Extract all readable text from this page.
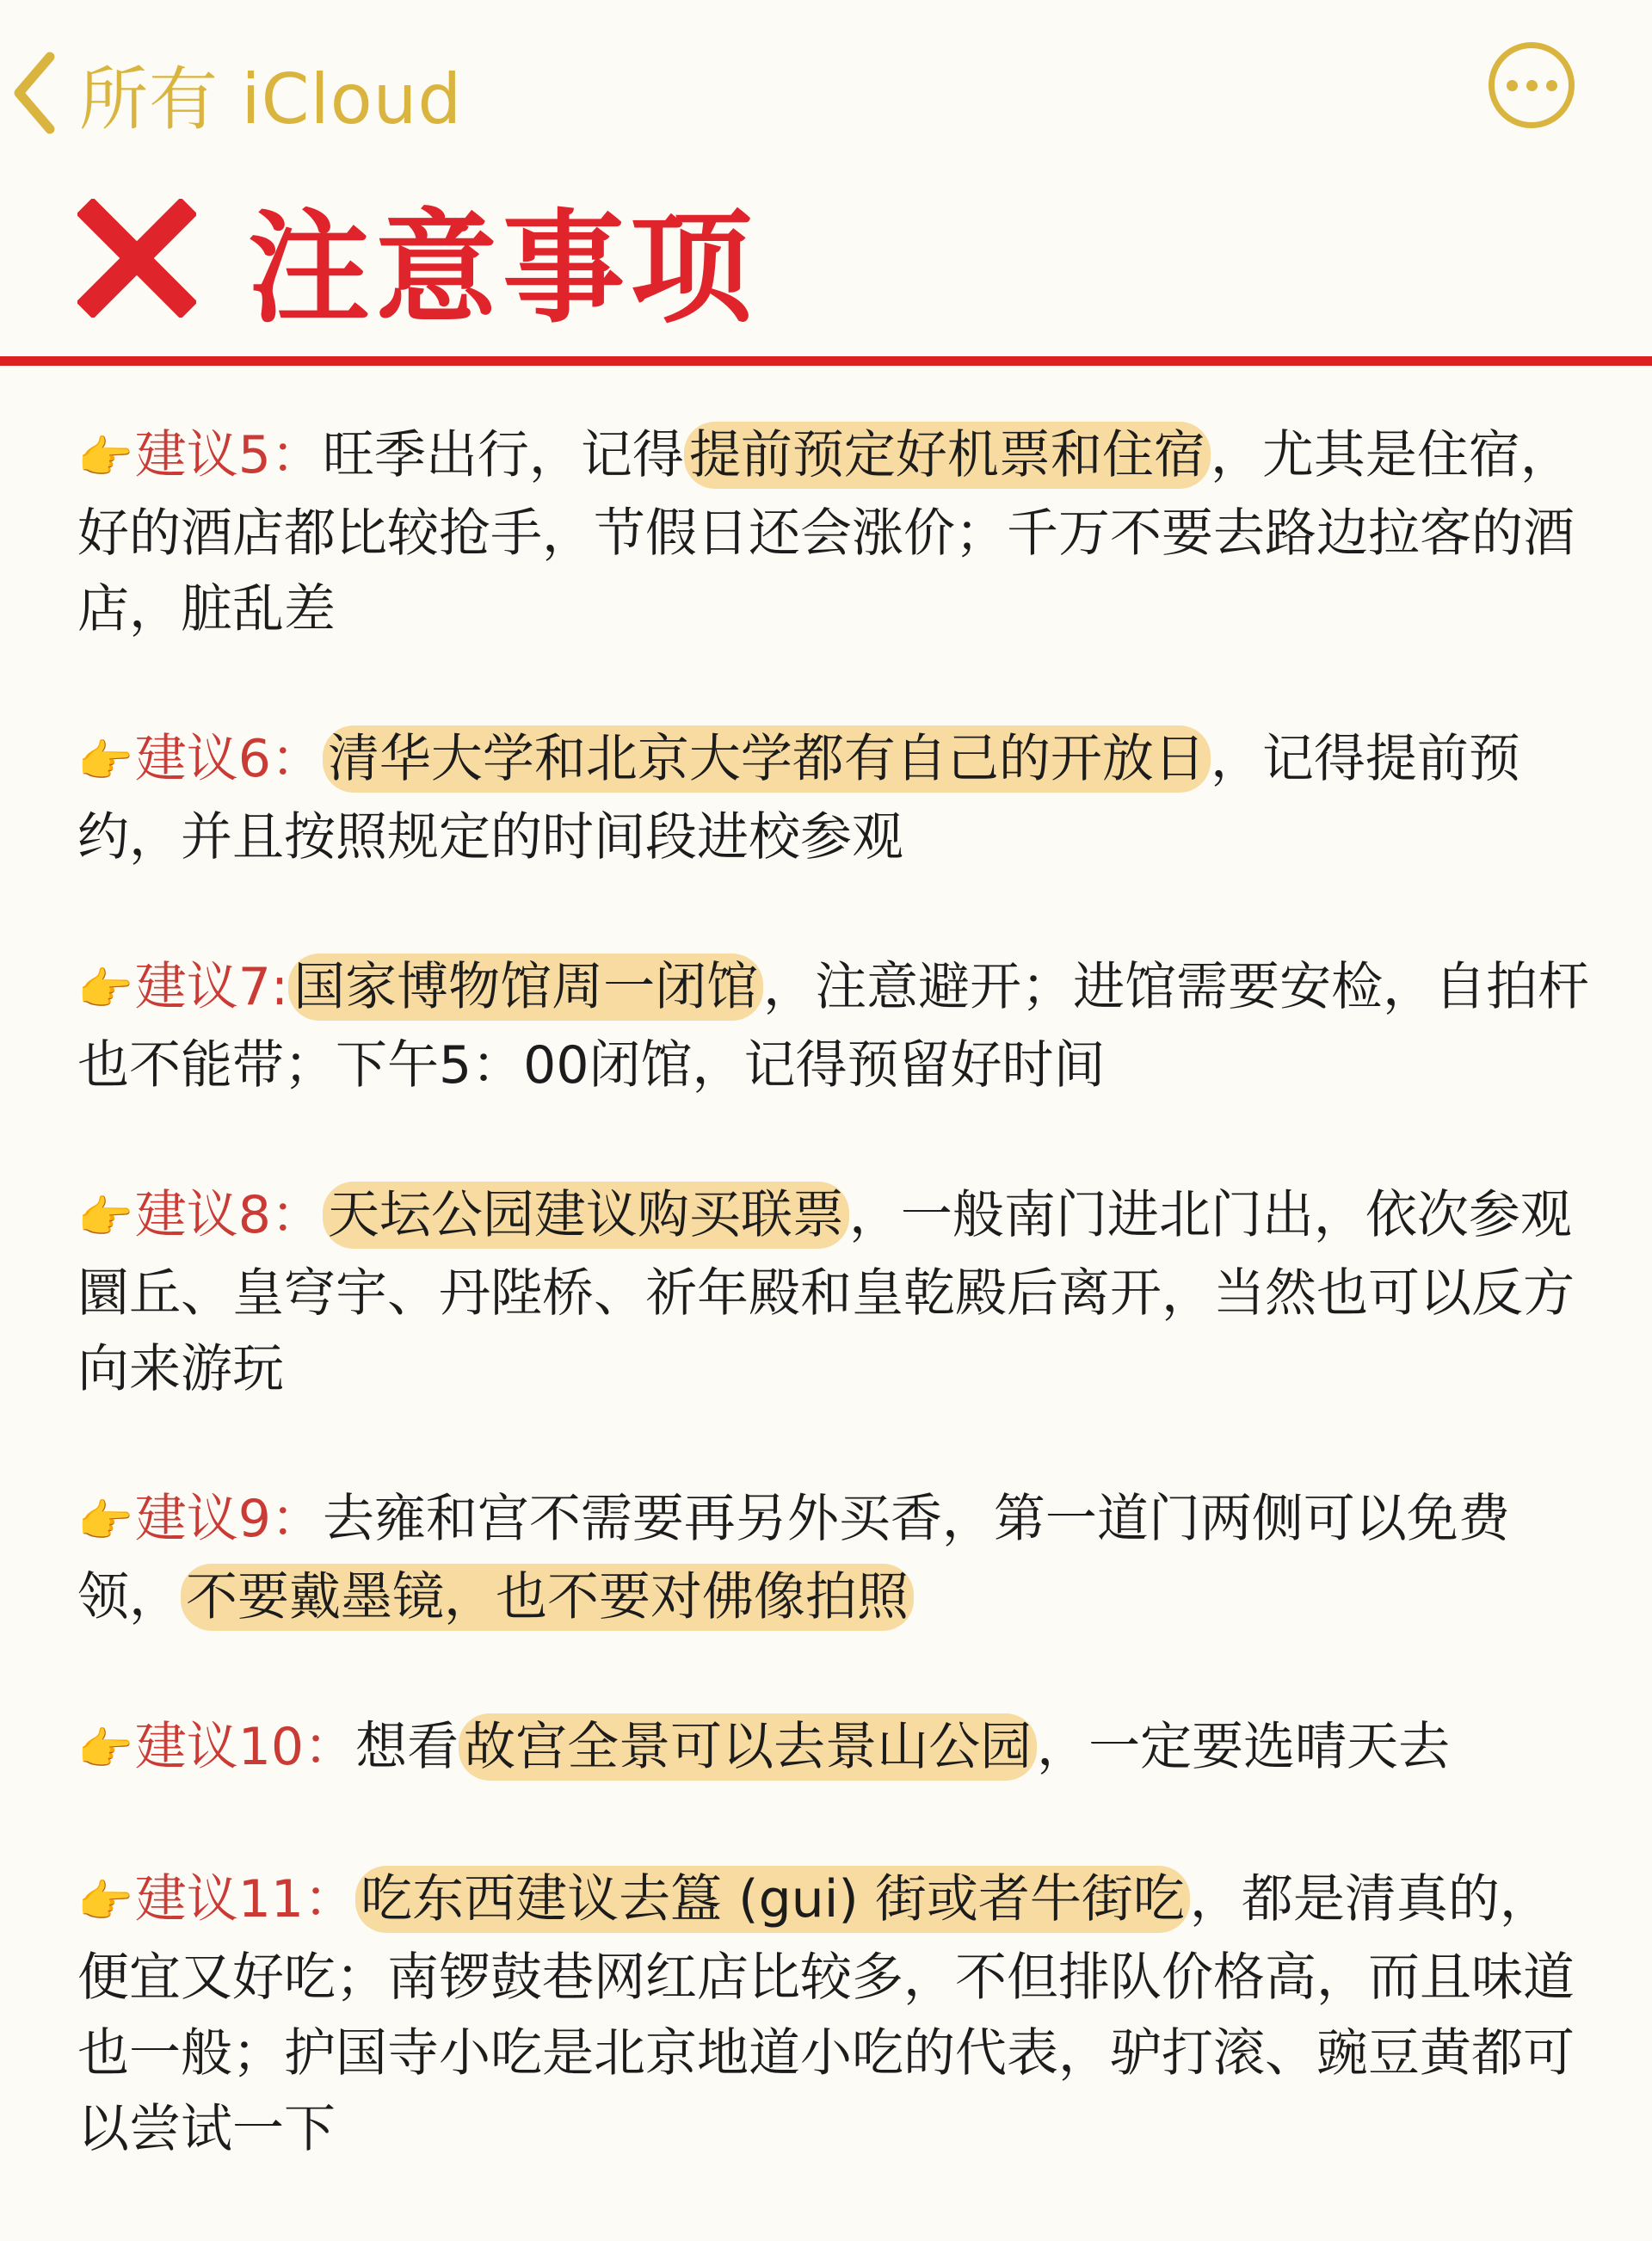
所有 iCloud
注意事项
👉建议5：旺季出行，记得 提前预定好机票和住宿 ，尤其是住宿，好的酒店都比较抢手，节假日还会涨价；千万不要去路边拉客的酒店，脏乱差
👉建议6： 清华大学和北京大学都有自己的开放日 ，记得提前预约，并且按照规定的时间段进校参观
👉建议7: 国家博物馆周一闭馆 ，注意避开；进馆需要安检，自拍杆也不能带；下午5：00闭馆，记得预留好时间
👉建议8： 天坛公园建议购买联票 ，一般南门进北门出，依次参观圜丘、皇穹宇、丹陛桥、祈年殿和皇乾殿后离开，当然也可以反方向来游玩
👉建议9：去雍和宫不需要再另外买香，第一道门两侧可以免费领， 不要戴墨镜，也不要对佛像拍照
👉建议10：想看 故宫全景可以去景山公园 ，一定要选晴天去
👉建议11： 吃东西建议去簋 (gui) 街或者牛街吃 ，都是清真的，便宜又好吃；南锣鼓巷网红店比较多，不但排队价格高，而且味道也一般；护国寺小吃是北京地道小吃的代表，驴打滚、豌豆黄都可以尝试一下
